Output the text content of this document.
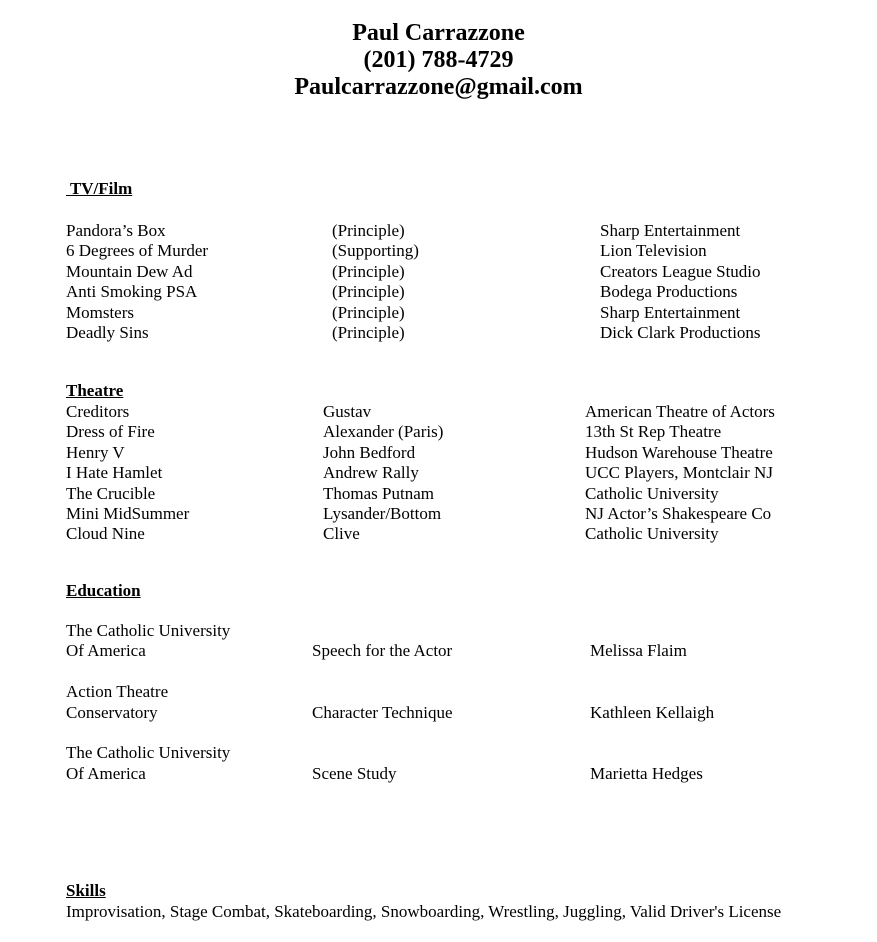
Paul Carrazzone
(201) 788-4729
Paulcarrazzone@gmail.com
TV/Film
Pandora’s Box	(Principle)	Sharp Entertainment
6 Degrees of Murder	(Supporting)	Lion Television
Mountain Dew Ad	(Principle)	Creators League Studio
Anti Smoking PSA	(Principle)	Bodega Productions
Momsters	(Principle)	Sharp Entertainment
Deadly Sins	(Principle)	Dick Clark Productions
Theatre
Creditors	Gustav	American Theatre of Actors
Dress of Fire	Alexander (Paris)	13th St Rep Theatre
Henry V	John Bedford	Hudson Warehouse Theatre
I Hate Hamlet	Andrew Rally	UCC Players, Montclair NJ
The Crucible	Thomas Putnam	Catholic University
Mini MidSummer	Lysander/Bottom	NJ Actor’s Shakespeare Co
Cloud Nine	Clive	Catholic University
Education
The Catholic University
Of America	Speech for the Actor	Melissa Flaim
Action Theatre
Conservatory	Character Technique	Kathleen Kellaigh
The Catholic University
Of America	Scene Study	Marietta Hedges
Skills
Improvisation, Stage Combat, Skateboarding, Snowboarding, Wrestling, Juggling, Valid Driver's License
